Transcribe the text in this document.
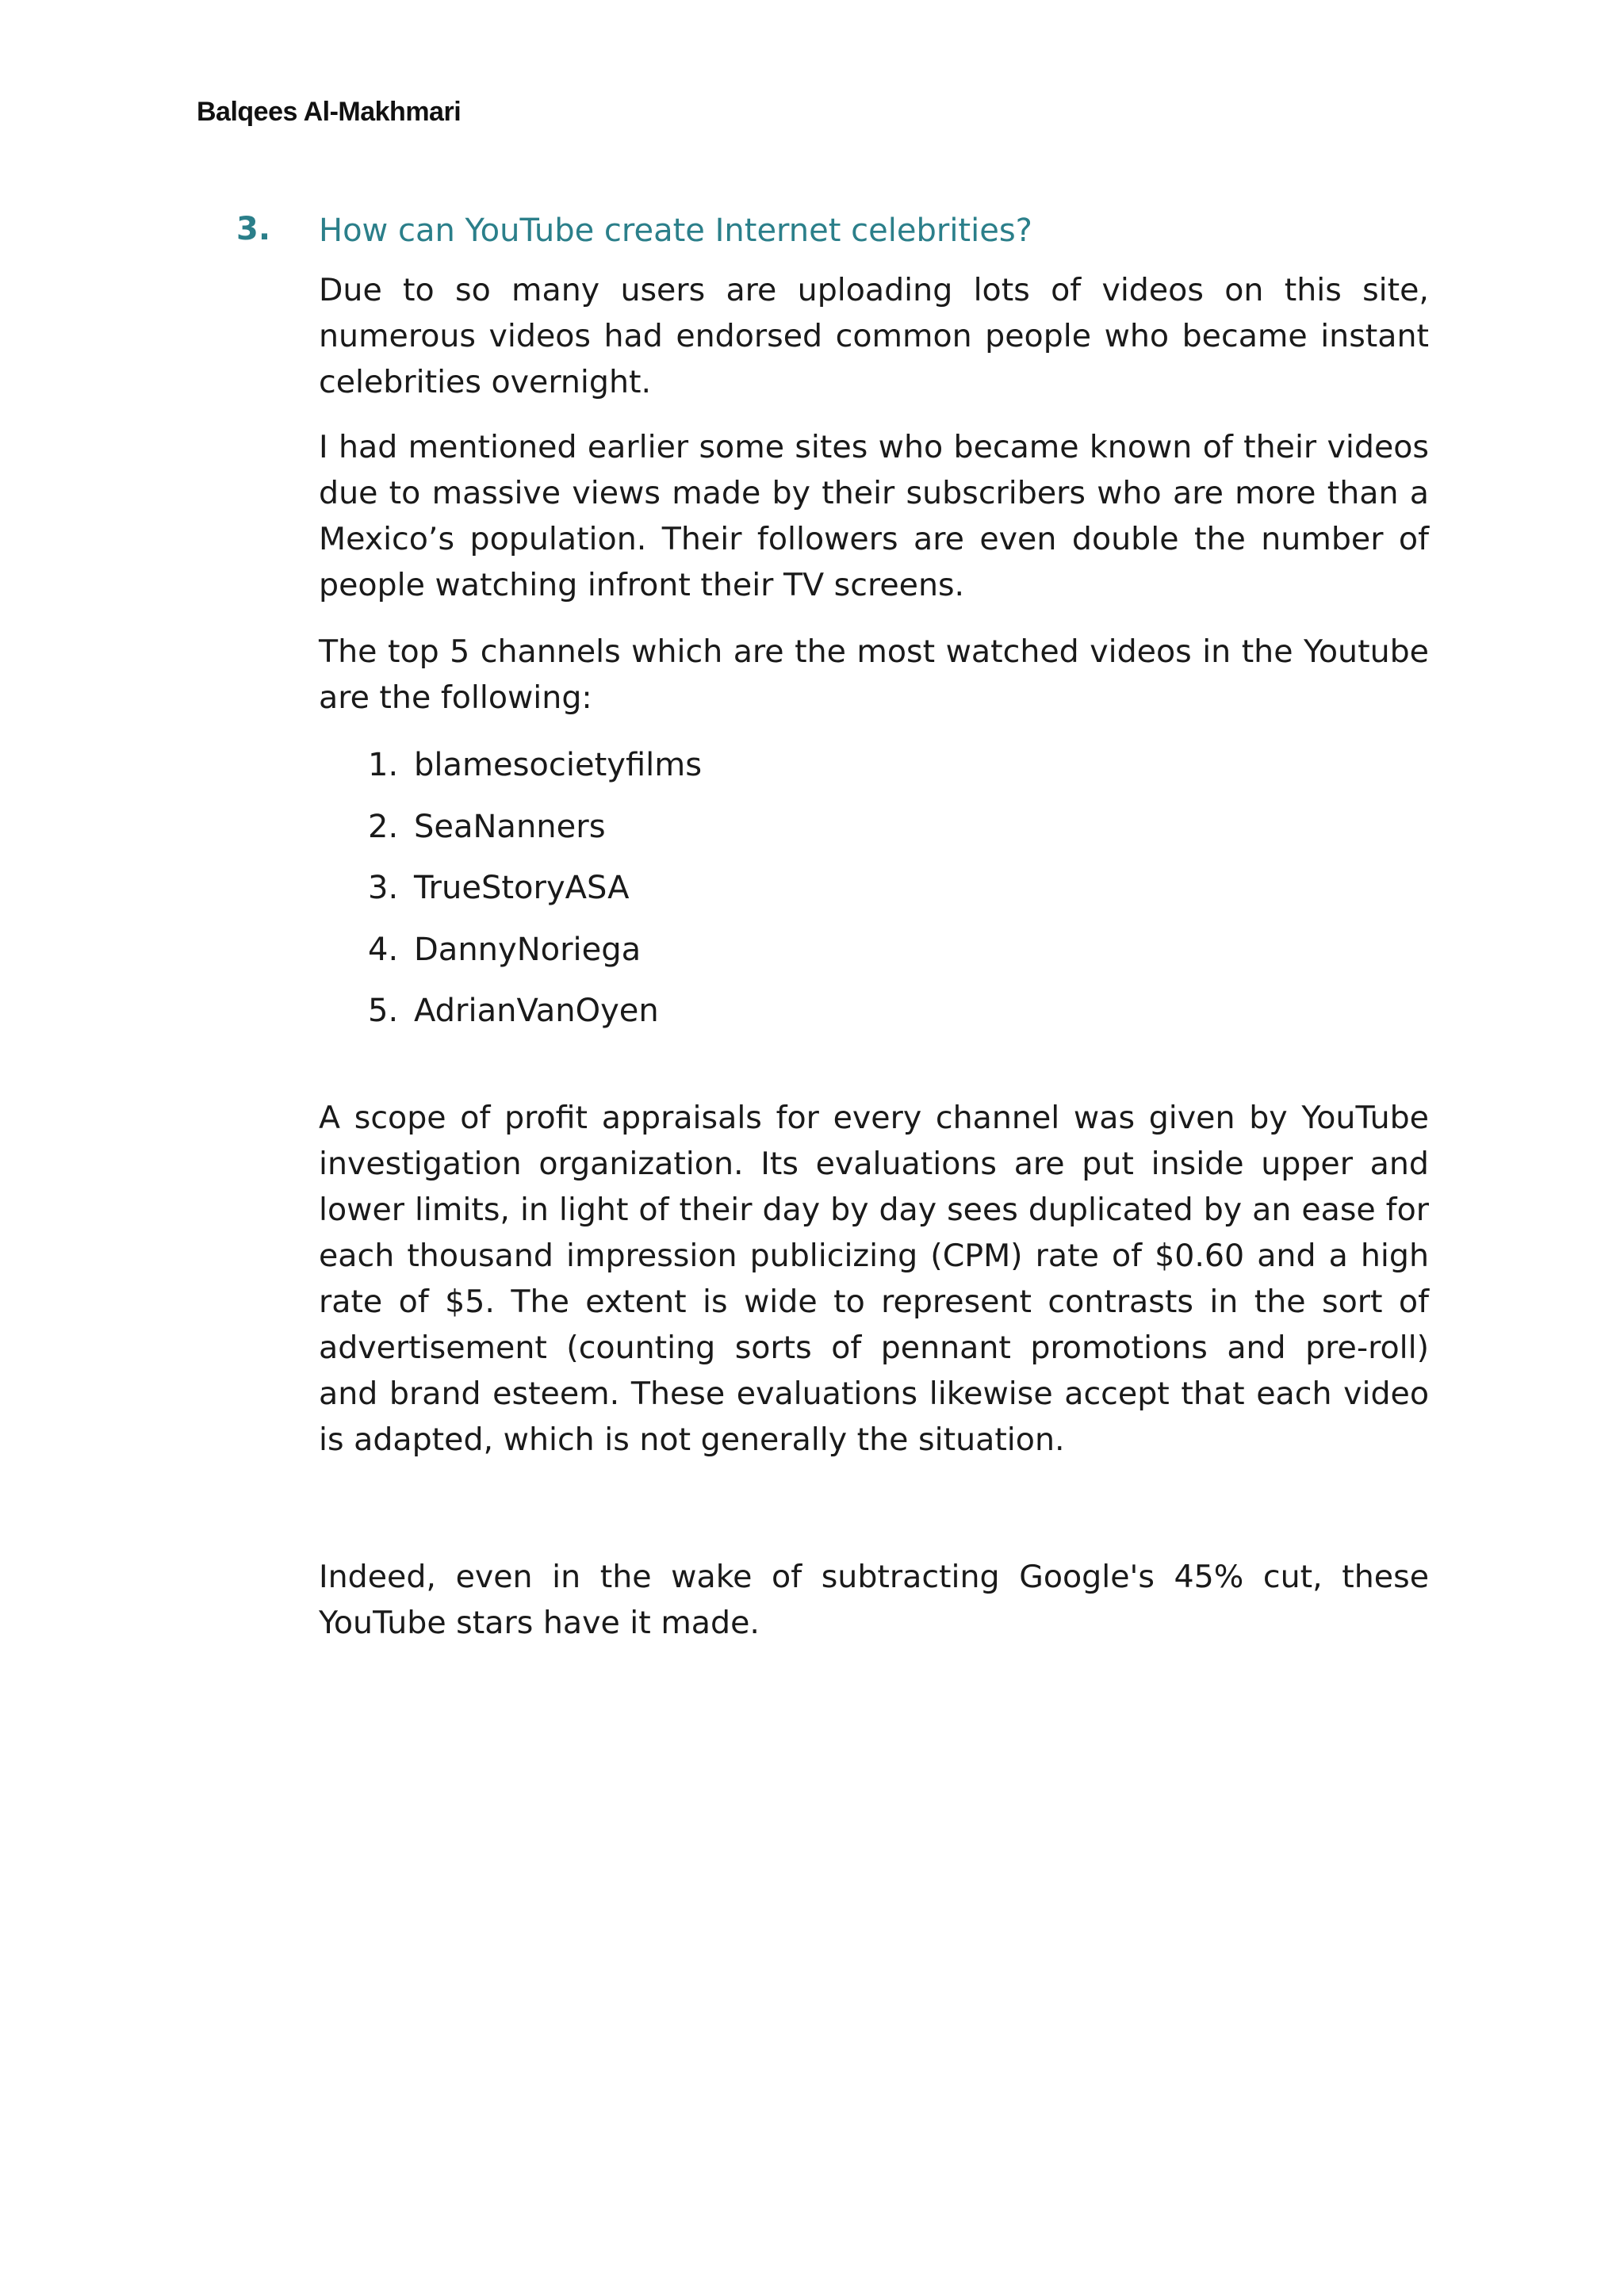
Balqees Al-Makhmari
3. How can YouTube create Internet celebrities?

Due to so many users are uploading lots of videos on this site, numerous videos had endorsed common people who became instant celebrities overnight.

I had mentioned earlier some sites who became known of their videos due to massive views made by their subscribers who are more than a Mexico’s population. Their followers are even double the number of people watching infront their TV screens.

The top 5 channels which are the most watched videos in the Youtube are the following:

1. blamesocietyfilms
2. SeaNanners
3. TrueStoryASA
4. DannyNoriega
5. AdrianVanOyen

A scope of profit appraisals for every channel was given by YouTube investigation organization. Its evaluations are put inside upper and lower limits, in light of their day by day sees duplicated by an ease for each thousand impression publicizing (CPM) rate of $0.60 and a high rate of $5. The extent is wide to represent contrasts in the sort of advertisement (counting sorts of pennant promotions and pre-roll) and brand esteem. These evaluations likewise accept that each video is adapted, which is not generally the situation.

Indeed, even in the wake of subtracting Google's 45% cut, these YouTube stars have it made.
